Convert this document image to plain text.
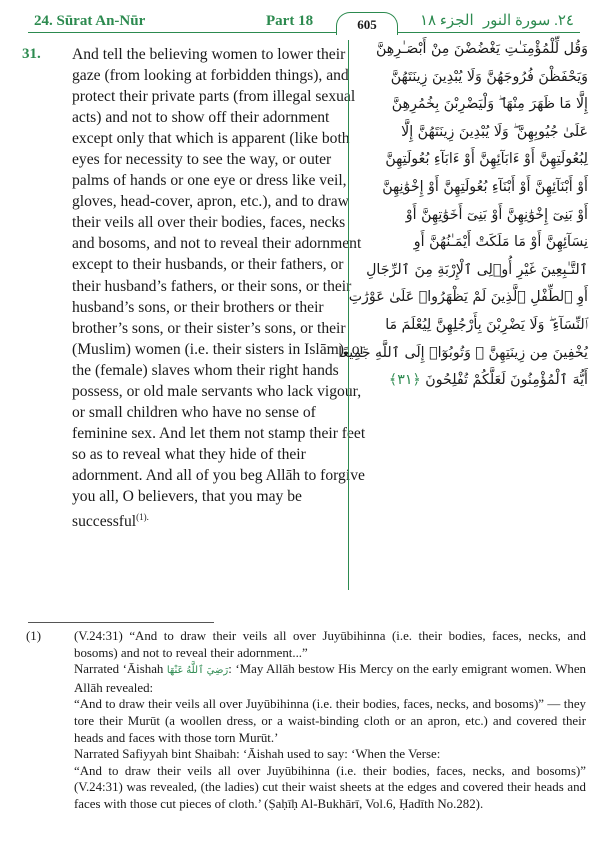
24. Sūrat An-Nūr	Part 18	605	الجزء ١٨ ٢٤. سورة النور
31. And tell the believing women to lower their gaze (from looking at forbidden things), and protect their private parts (from illegal sexual acts) and not to show off their adornment except only that which is apparent (like both eyes for necessity to see the way, or outer palms of hands or one eye or dress like veil, gloves, head-cover, apron, etc.), and to draw their veils all over their bodies, faces, necks and bosoms, and not to reveal their adornment except to their husbands, or their fathers, or their husband’s fathers, or their sons, or their husband’s sons, or their brothers or their brother’s sons, or their sister’s sons, or their (Muslim) women (i.e. their sisters in Islām), or the (female) slaves whom their right hands possess, or old male servants who lack vigour, or small children who have no sense of feminine sex. And let them not stamp their feet so as to reveal what they hide of their adornment. And all of you beg Allāh to forgive you all, O believers, that you may be successful$^{(1).}$
وَقُل لِّلْمُؤْمِنَـٰتِ يَغْضُضْنَ مِنْ أَبْصَـٰرِهِنَّ
وَيَحْفَظْنَ فُرُوجَهُنَّ وَلَا يُبْدِينَ زِينَتَهُنَّ
إِلَّا مَا ظَهَرَ مِنْهَا ۖ وَلْيَضْرِبْنَ بِخُمُرِهِنَّ
عَلَىٰ جُيُوبِهِنَّ ۖ وَلَا يُبْدِينَ زِينَتَهُنَّ إِلَّا
لِبُعُولَتِهِنَّ أَوْ ءَابَآئِهِنَّ أَوْ ءَابَآءِ بُعُولَتِهِنَّ
أَوْ أَبْنَآئِهِنَّ أَوْ أَبْنَآءِ بُعُولَتِهِنَّ أَوْ إِخْوَٰنِهِنَّ
أَوْ بَنِىٓ إِخْوَٰنِهِنَّ أَوْ بَنِىٓ أَخَوَٰتِهِنَّ أَوْ
نِسَآئِهِنَّ أَوْ مَا مَلَكَتْ أَيْمَـٰنُهُنَّ أَوِ
ٱلتَّـٰبِعِينَ غَيْرِ أُو۟لِى ٱلْإِرْبَةِ مِنَ ٱلرِّجَالِ
أَوِ ٱلطِّفْلِ ٱلَّذِينَ لَمْ يَظْهَرُوا۟ عَلَىٰ عَوْرَٰتِ
ٱلنِّسَآءِ ۖ وَلَا يَضْرِبْنَ بِأَرْجُلِهِنَّ لِيُعْلَمَ مَا
يُخْفِينَ مِن زِينَتِهِنَّ ۚ وَتُوبُوٓا۟ إِلَى ٱللَّهِ جَمِيعًا
أَيُّهَ ٱلْمُؤْمِنُونَ لَعَلَّكُمْ تُفْلِحُونَ ﴿٣١﴾
(1)	(V.24:31) “And to draw their veils all over Juyūbihinna (i.e. their bodies, faces, necks, and bosoms) and not to reveal their adornment...”

Narrated ‘Āishah رَضِيَ ٱللَّهُ عَنْهَا: ‘May Allāh bestow His Mercy on the early emigrant women. When Allāh revealed:

“And to draw their veils all over Juyūbihinna (i.e. their bodies, faces, necks, and bosoms)” — they tore their Murūt (a woollen dress, or a waist-binding cloth or an apron, etc.) and covered their heads and faces with those torn Murūt.’

Narrated Safiyyah bint Shaibah: ‘Āishah used to say: ‘When the Verse:

“And to draw their veils all over Juyūbihinna (i.e. their bodies, faces, necks, and bosoms)” (V.24:31) was revealed, (the ladies) cut their waist sheets at the edges and covered their heads and faces with those cut pieces of cloth.’ (Ṣaḥīḥ Al-Bukhārī, Vol.6, Ḥadīth No.282).
